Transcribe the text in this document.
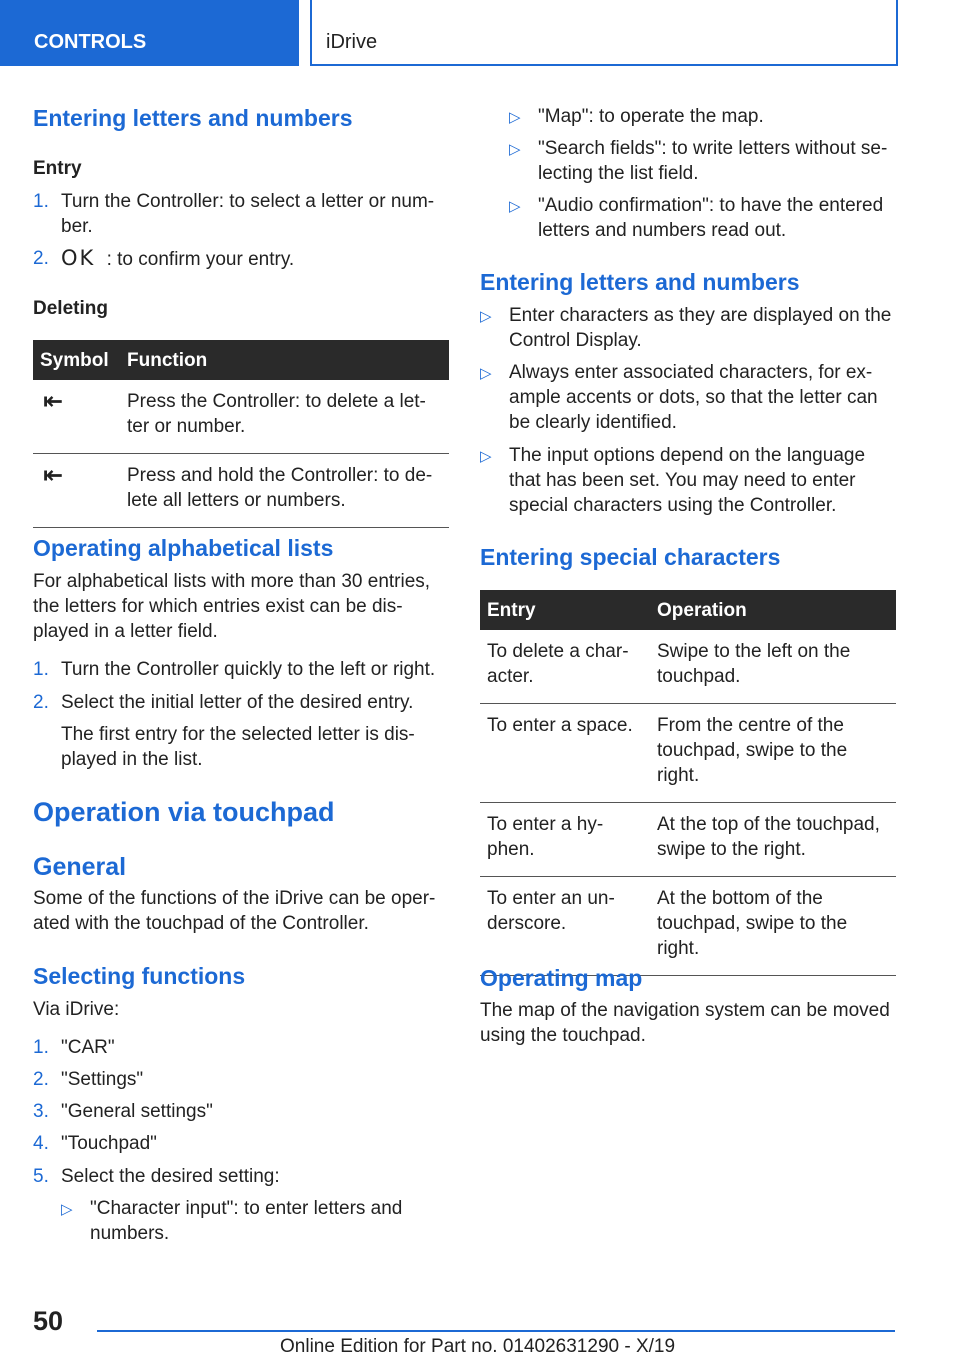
CONTROLS	iDrive
Entering letters and numbers
Entry
1. Turn the Controller: to select a letter or num‐ber.
2. OK : to confirm your entry.
Deleting
Symbol	Function
⇤	Press the Controller: to delete a let‐ter or number.
⇤	Press and hold the Controller: to de‐lete all letters or numbers.
Operating alphabetical lists
For alphabetical lists with more than 30 entries, the letters for which entries exist can be dis‐played in a letter field.
1. Turn the Controller quickly to the left or right.
2. Select the initial letter of the desired entry.
The first entry for the selected letter is dis‐played in the list.
Operation via touchpad
General
Some of the functions of the iDrive can be oper‐ated with the touchpad of the Controller.
Selecting functions
Via iDrive:
1. "CAR"
2. "Settings"
3. "General settings"
4. "Touchpad"
5. Select the desired setting:
▷ "Character input": to enter letters and numbers.
▷ "Map": to operate the map.
▷ "Search fields": to write letters without se‐lecting the list field.
▷ "Audio confirmation": to have the entered letters and numbers read out.
Entering letters and numbers
▷ Enter characters as they are displayed on the Control Display.
▷ Always enter associated characters, for ex‐ample accents or dots, so that the letter can be clearly identified.
▷ The input options depend on the language that has been set. You may need to enter special characters using the Controller.
Entering special characters
Entry	Operation
To delete a char‐acter.	Swipe to the left on the touchpad.
To enter a space.	From the centre of the touchpad, swipe to the right.
To enter a hy‐phen.	At the top of the touchpad, swipe to the right.
To enter an un‐derscore.	At the bottom of the touchpad, swipe to the right.
Operating map
The map of the navigation system can be moved using the touchpad.
50
Online Edition for Part no. 01402631290 - X/19
